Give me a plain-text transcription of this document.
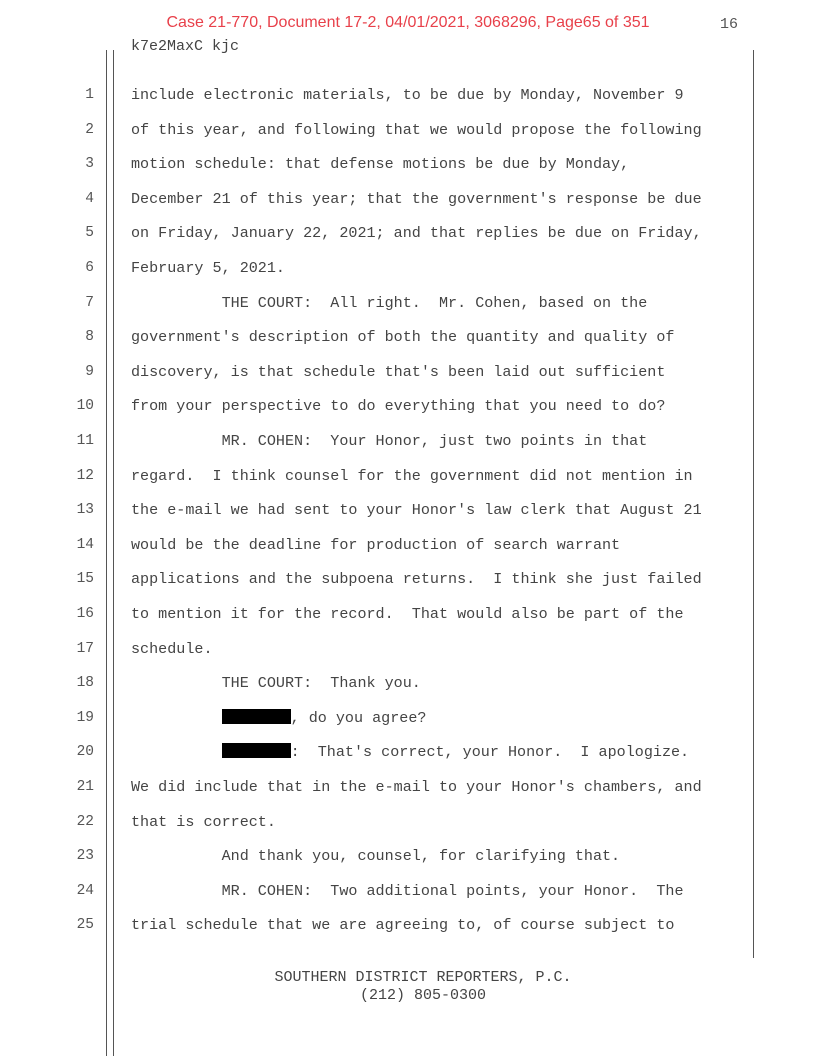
Case 21-770, Document 17-2, 04/01/2021, 3068296, Page65 of 351	16
k7e2MaxC kjc
1 include electronic materials, to be due by Monday, November 9
2 of this year, and following that we would propose the following
3 motion schedule: that defense motions be due by Monday,
4 December 21 of this year; that the government's response be due
5 on Friday, January 22, 2021; and that replies be due on Friday,
6 February 5, 2021.
7 THE COURT:  All right.  Mr. Cohen, based on the
8 government's description of both the quantity and quality of
9 discovery, is that schedule that's been laid out sufficient
10 from your perspective to do everything that you need to do?
11 MR. COHEN:  Your Honor, just two points in that
12 regard.  I think counsel for the government did not mention in
13 the e-mail we had sent to your Honor's law clerk that August 21
14 would be the deadline for production of search warrant
15 applications and the subpoena returns.  I think she just failed
16 to mention it for the record.  That would also be part of the
17 schedule.
18 THE COURT:  Thank you.
19	, do you agree?
20	:  That's correct, your Honor.  I apologize.
21 We did include that in the e-mail to your Honor's chambers, and
22 that is correct.
23 And thank you, counsel, for clarifying that.
24 MR. COHEN:  Two additional points, your Honor.  The
25 trial schedule that we are agreeing to, of course subject to
SOUTHERN DISTRICT REPORTERS, P.C.
(212) 805-0300
